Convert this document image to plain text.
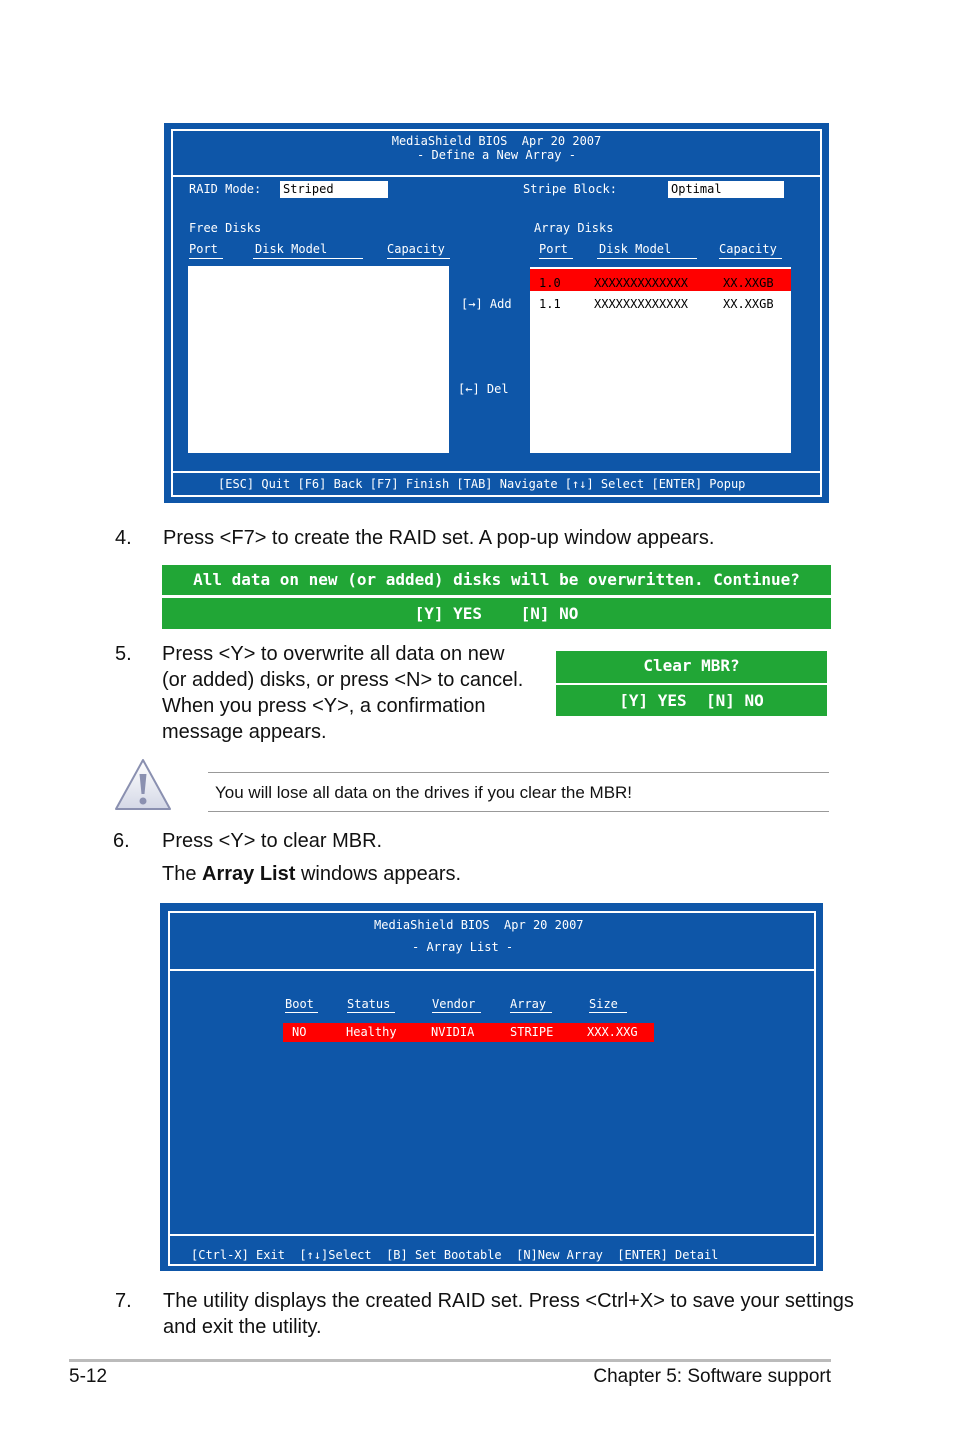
MediaShield BIOS  Apr 20 2007
- Define a New Array -
RAID Mode: Striped	Stripe Block:	Optimal
Free Disks	Array Disks
Port	Disk Model	Capacity	Port	Disk Model	Capacity
[→] Add
[←] Del
1.0	XXXXXXXXXXXXX	XX.XXGB
1.1	XXXXXXXXXXXXX	XX.XXGB
[ESC] Quit [F6] Back [F7] Finish [TAB] Navigate [↑↓] Select [ENTER] Popup
4. Press <F7> to create the RAID set. A pop-up window appears.
All data on new (or added) disks will be overwritten. Continue?
[Y] YES    [N] NO
5. Press <Y> to overwrite all data on new
(or added) disks, or press <N> to cancel.
When you press <Y>, a confirmation
message appears.
Clear MBR?
[Y] YES  [N] NO
You will lose all data on the drives if you clear the MBR!
6. Press <Y> to clear MBR.
The Array List windows appears.
MediaShield BIOS  Apr 20 2007
- Array List -
Boot	Status	Vendor	Array	Size
NO	Healthy	NVIDIA	STRIPE	XXX.XXG
[Ctrl-X] Exit  [↑↓]Select  [B] Set Bootable  [N]New Array  [ENTER] Detail
7. The utility displays the created RAID set. Press <Ctrl+X> to save your settings
and exit the utility.
5-12	Chapter 5: Software support
